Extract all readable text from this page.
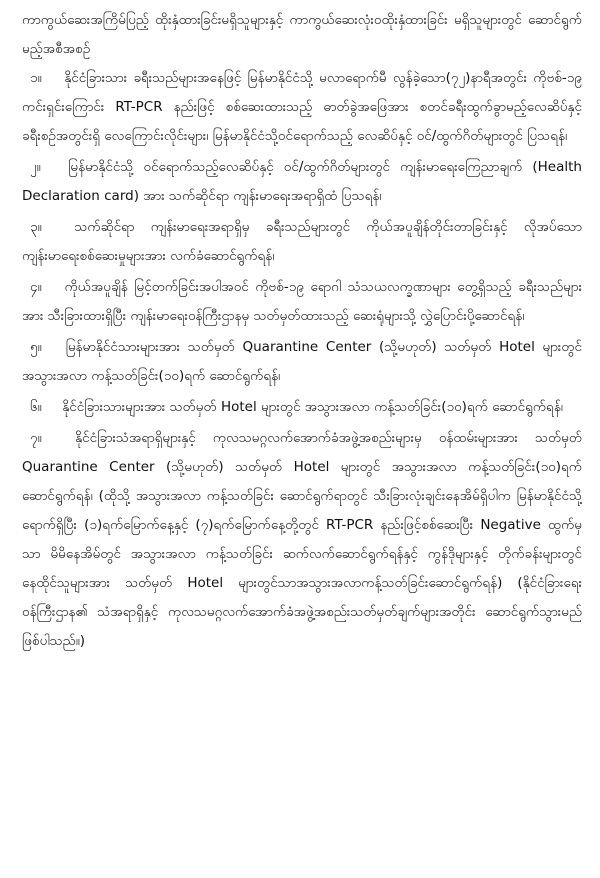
ကာကွယ်ဆေးအကြိမ်ပြည့် ထိုးနှံထားခြင်းမရှိသူများနှင့် ကာကွယ်ဆေးလုံးဝထိုးနှံထားခြင်း မရှိသူများတွင် ဆောင်ရွက်မည့်အစီအစဉ်

၁။ နိုင်ငံခြားသား ခရီးသည်များအနေဖြင့် မြန်မာနိုင်ငံသို့ မလာရောက်မီ လွန်ခဲ့သော(၇၂)နာရီအတွင်း ကိုဗစ်-၁၉ ကင်းရှင်းကြောင်း RT-PCR နည်းဖြင့် စစ်ဆေးထားသည့် ဓာတ်ခွဲအဖြေအား စတင်ခရီးထွက်ခွာမည့်လေဆိပ်နှင့် ခရီးစဉ်အတွင်းရှိ လေကြောင်းလိုင်းများ၊ မြန်မာနိုင်ငံသို့ဝင်ရောက်သည့် လေဆိပ်နှင့် ဝင်/ထွက်ဂိတ်များတွင် ပြသရန်၊

၂။ မြန်မာနိုင်ငံသို့ ဝင်ရောက်သည့်လေဆိပ်နှင့် ဝင်/ထွက်ဂိတ်များတွင် ကျန်းမာရေးကြေညာချက် (Health Declaration card) အား သက်ဆိုင်ရာ ကျန်းမာရေးအရာရှိထံ ပြသရန်၊

၃။ သက်ဆိုင်ရာ ကျန်းမာရေးအရာရှိမှ ခရီးသည်များတွင် ကိုယ်အပူချိန်တိုင်းတာခြင်းနှင့် လိုအပ်သော ကျန်းမာရေးစစ်ဆေးမှုများအား လက်ခံဆောင်ရွက်ရန်၊

၄။ ကိုယ်အပူချိန် မြင့်တက်ခြင်းအပါအဝင် ကိုဗစ်-၁၉ ရောဂါ သံသယလက္ခဏာများ တွေ့ရှိသည့် ခရီးသည်များအား သီးခြားထားရှိပြီး ကျန်းမာရေးဝန်ကြီးဌာနမှ သတ်မှတ်ထားသည့် ဆေးရုံများသို့ လွှဲပြောင်းပို့ဆောင်ရန်၊

၅။ မြန်မာနိုင်ငံသားများအား သတ်မှတ် Quarantine Center (သို့မဟုတ်) သတ်မှတ် Hotel များတွင် အသွားအလာ ကန့်သတ်ခြင်း(၁၀)ရက် ဆောင်ရွက်ရန်၊

၆။ နိုင်ငံခြားသားများအား သတ်မှတ် Hotel များတွင် အသွားအလာ ကန့်သတ်ခြင်း(၁၀)ရက် ဆောင်ရွက်ရန်၊

၇။ နိုင်ငံခြားသံအရာရှိများနှင့် ကုလသမဂ္ဂလက်အောက်ခံအဖွဲ့အစည်းများမှ ဝန်ထမ်းများအား သတ်မှတ် Quarantine Center (သို့မဟုတ်) သတ်မှတ် Hotel များတွင် အသွားအလာ ကန့်သတ်ခြင်း(၁၀)ရက် ဆောင်ရွက်ရန်၊ (ထိုသို့ အသွားအလာ ကန့်သတ်ခြင်း ဆောင်ရွက်ရာတွင် သီးခြားလုံးချင်းနေအိမ်ရှိပါက မြန်မာနိုင်ငံသို့ရောက်ရှိပြီး (၁)ရက်မြောက်နေ့နှင့် (၇)ရက်မြောက်နေ့တို့တွင် RT-PCR နည်းဖြင့်စစ်ဆေးပြီး Negative ထွက်မှသာ မိမိနေအိမ်တွင် အသွားအလာ ကန့်သတ်ခြင်း ဆက်လက်ဆောင်ရွက်ရန်နှင့် ကွန်ဒိုများနှင့် တိုက်ခန်းများတွင် နေထိုင်သူများအား သတ်မှတ် Hotel များတွင်သာအသွားအလာကန့်သတ်ခြင်းဆောင်ရွက်ရန်) (နိုင်ငံခြားရေးဝန်ကြီးဌာန၏ သံအရာရှိနှင့် ကုလသမဂ္ဂလက်အောက်ခံအဖွဲ့အစည်းသတ်မှတ်ချက်များအတိုင်း ဆောင်ရွက်သွားမည်ဖြစ်ပါသည်။)
